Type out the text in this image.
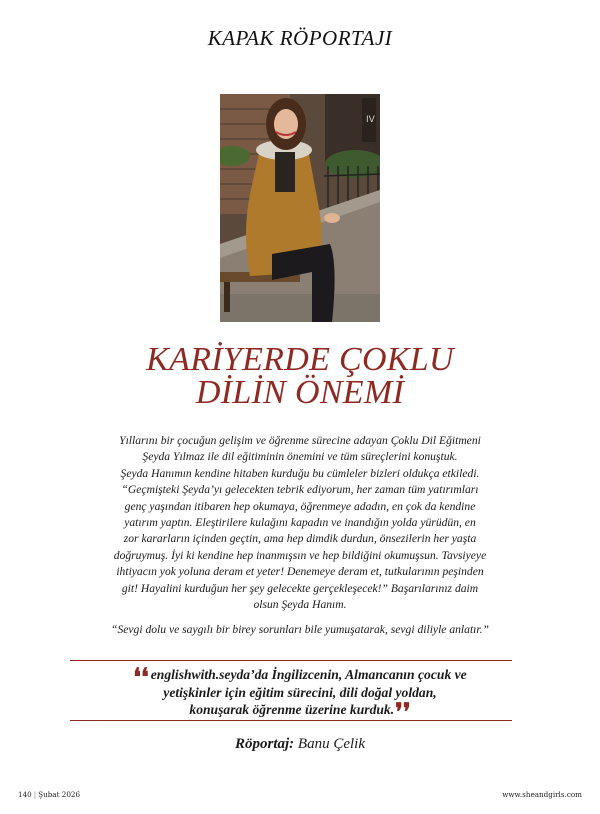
KAPAK RÖPORTAJI
IV
KARİYERDE ÇOKLU
DİLİN ÖNEMİ

Yıllarını bir çocuğun gelişim ve öğrenme sürecine adayan Çoklu Dil Eğitmeni

Şeyda Yılmaz ile dil eğitiminin önemini ve tüm süreçlerini konuştuk.

Şeyda Hanımın kendine hitaben kurduğu bu cümleler bizleri oldukça etkiledi.

“Geçmişteki Şeyda’yı gelecekten tebrik ediyorum, her zaman tüm yatırımları

genç yaşından itibaren hep okumaya, öğrenmeye adadın, en çok da kendine

yatırım yaptın. Eleştirilere kulağını kapadın ve inandığın yolda yürüdün, en

zor kararların içinden geçtin, ama hep dimdik durdun, önsezilerin her yaşta

doğruymuş. İyi ki kendine hep inanmışsın ve hep bildiğini okumuşsun. Tavsiyeye

ihtiyacın yok yoluna deram et yeter! Denemeye deram et, tutkularının peşinden

git! Hayalini kurduğun her şey gelecekte gerçekleşecek!” Başarılarınız daim

olsun Şeyda Hanım.

“Sevgi dolu ve saygılı bir birey sorunları bile yumuşatarak, sevgi diliyle anlatır.”
❛❛ englishwith.seyda’da İngilizcenin, Almancanın çocuk ve
yetişkinler için eğitim sürecini, dili doğal yoldan,
konuşarak öğrenme üzerine kurduk.❜❜
Röportaj: Banu Çelik
140 | Şubat 2026	www.sheandgirls.com
